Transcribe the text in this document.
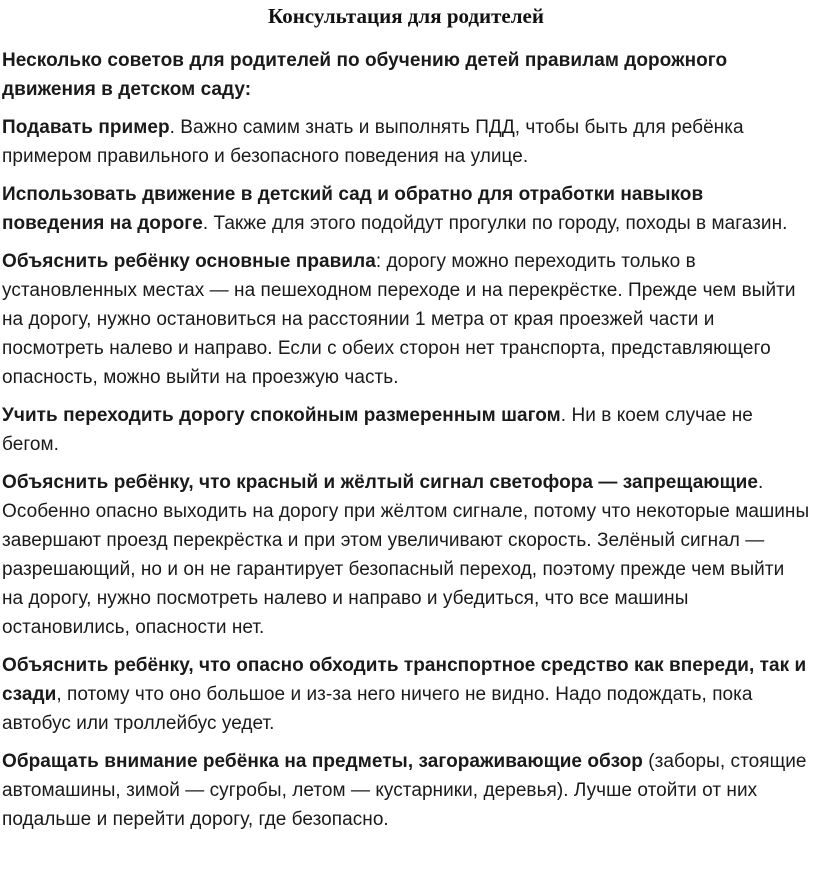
Консультация для родителей

Несколько советов для родителей по обучению детей правилам дорожного движения в детском саду:

Подавать пример. Важно самим знать и выполнять ПДД, чтобы быть для ребёнка примером правильного и безопасного поведения на улице.

Использовать движение в детский сад и обратно для отработки навыков поведения на дороге. Также для этого подойдут прогулки по городу, походы в магазин.

Объяснить ребёнку основные правила: дорогу можно переходить только в установленных местах — на пешеходном переходе и на перекрёстке. Прежде чем выйти на дорогу, нужно остановиться на расстоянии 1 метра от края проезжей части и посмотреть налево и направо. Если с обеих сторон нет транспорта, представляющего опасность, можно выйти на проезжую часть.

Учить переходить дорогу спокойным размеренным шагом. Ни в коем случае не бегом.

Объяснить ребёнку, что красный и жёлтый сигнал светофора — запрещающие. Особенно опасно выходить на дорогу при жёлтом сигнале, потому что некоторые машины завершают проезд перекрёстка и при этом увеличивают скорость. Зелёный сигнал — разрешающий, но и он не гарантирует безопасный переход, поэтому прежде чем выйти на дорогу, нужно посмотреть налево и направо и убедиться, что все машины остановились, опасности нет.

Объяснить ребёнку, что опасно обходить транспортное средство как впереди, так и сзади, потому что оно большое и из-за него ничего не видно. Надо подождать, пока автобус или троллейбус уедет.

Обращать внимание ребёнка на предметы, загораживающие обзор (заборы, стоящие автомашины, зимой — сугробы, летом — кустарники, деревья). Лучше отойти от них подальше и перейти дорогу, где безопасно.
